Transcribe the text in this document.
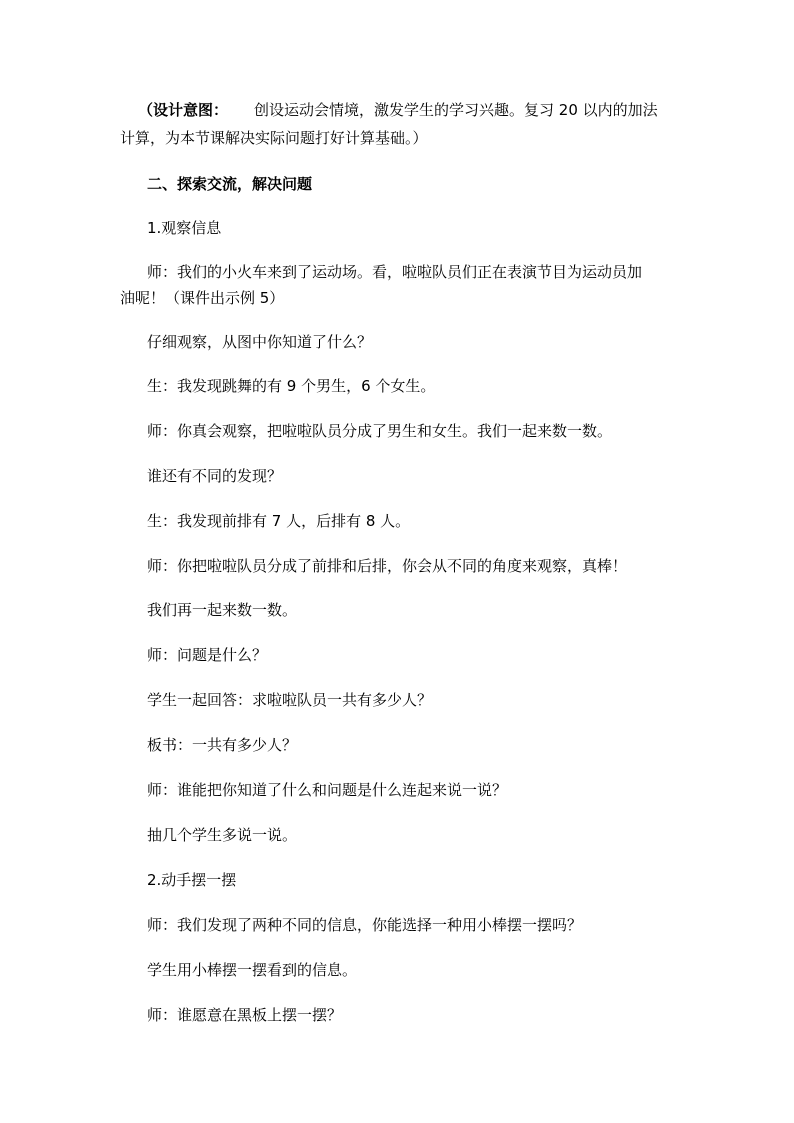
（设计意图： 创设运动会情境，激发学生的学习兴趣。复习 20 以内的加法
计算，为本节课解决实际问题打好计算基础。）
二、探索交流，解决问题
1.观察信息
师：我们的小火车来到了运动场。看，啦啦队员们正在表演节目为运动员加
油呢！（课件出示例 5）
仔细观察，从图中你知道了什么？
生：我发现跳舞的有 9 个男生，6 个女生。
师：你真会观察，把啦啦队员分成了男生和女生。我们一起来数一数。
谁还有不同的发现？
生：我发现前排有 7 人，后排有 8 人。
师：你把啦啦队员分成了前排和后排，你会从不同的角度来观察，真棒！
我们再一起来数一数。
师：问题是什么？
学生一起回答：求啦啦队员一共有多少人？
板书：一共有多少人？
师：谁能把你知道了什么和问题是什么连起来说一说？
抽几个学生多说一说。
2.动手摆一摆
师：我们发现了两种不同的信息，你能选择一种用小棒摆一摆吗？
学生用小棒摆一摆看到的信息。
师：谁愿意在黑板上摆一摆？
